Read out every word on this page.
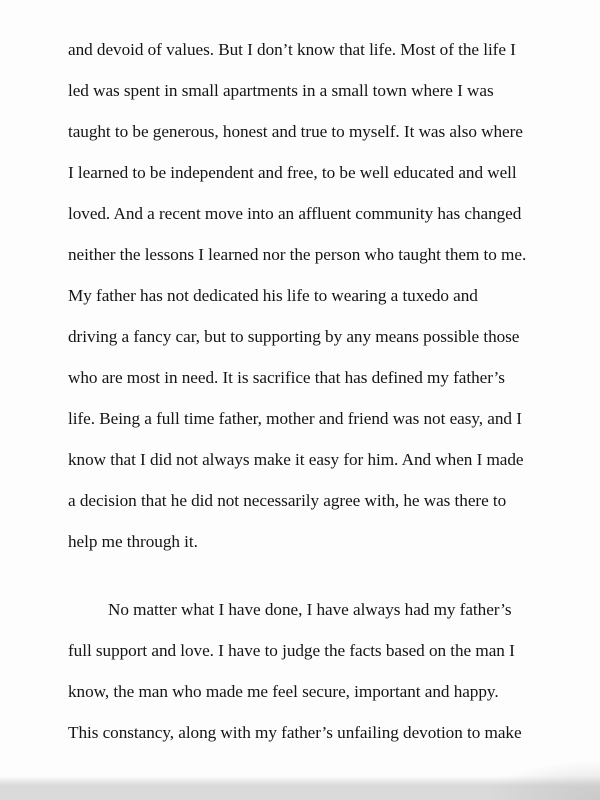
and devoid of values. But I don’t know that life. Most of the life I
led was spent in small apartments in a small town where I was
taught to be generous, honest and true to myself. It was also where
I learned to be independent and free, to be well educated and well
loved. And a recent move into an affluent community has changed
neither the lessons I learned nor the person who taught them to me.
My father has not dedicated his life to wearing a tuxedo and
driving a fancy car, but to supporting by any means possible those
who are most in need. It is sacrifice that has defined my father’s
life. Being a full time father, mother and friend was not easy, and I
know that I did not always make it easy for him. And when I made
a decision that he did not necessarily agree with, he was there to
help me through it.
No matter what I have done, I have always had my father’s
full support and love. I have to judge the facts based on the man I
know, the man who made me feel secure, important and happy.
This constancy, along with my father’s unfailing devotion to make
